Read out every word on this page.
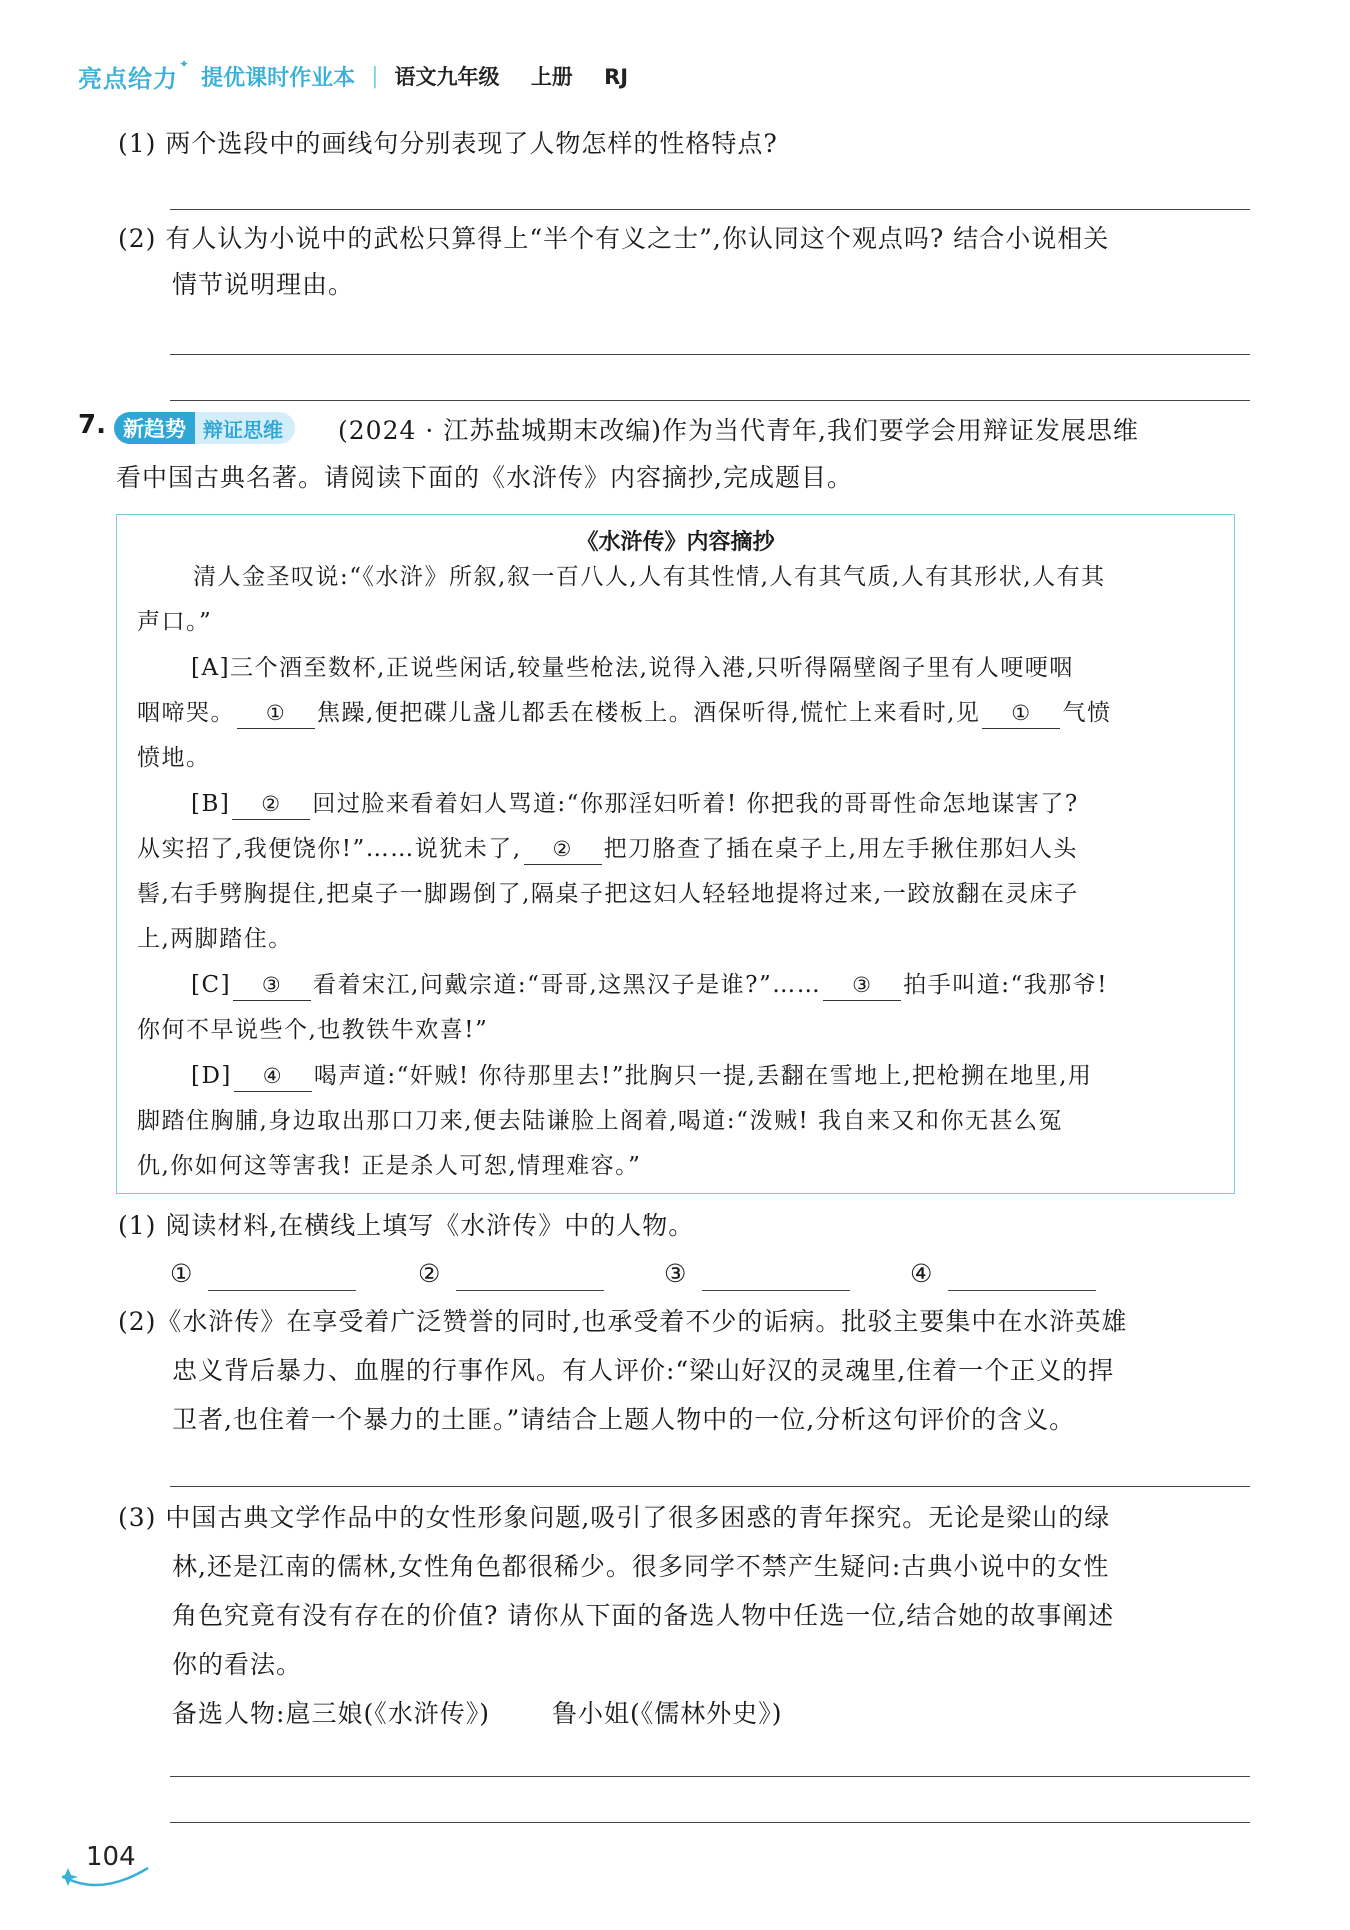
亮点给力
✦
提优课时作业本 | 语文九年级 上册 RJ
(1) 两个选段中的画线句分别表现了人物怎样的性格特点?
(2) 有人认为小说中的武松只算得上“半个有义之士”,你认同这个观点吗? 结合小说相关
情节说明理由。
7. 新趋势 辩证思维	(2024 · 江苏盐城期末改编)作为当代青年,我们要学会用辩证发展思维
看中国古典名著。请阅读下面的《水浒传》内容摘抄,完成题目。
《水浒传》内容摘抄
清人金圣叹说:“《水浒》所叙,叙一百八人,人有其性情,人有其气质,人有其形状,人有其
声口。”
[A]三个酒至数杯,正说些闲话,较量些枪法,说得入港,只听得隔壁阁子里有人哽哽咽
咽啼哭。 ① 焦躁,便把碟儿盏儿都丢在楼板上。酒保听得,慌忙上来看时,见 ① 气愤
愤地。
[B] ② 回过脸来看着妇人骂道:“你那淫妇听着! 你把我的哥哥性命怎地谋害了?
从实招了,我便饶你!”……说犹未了, ② 把刀胳查了插在桌子上,用左手揪住那妇人头
髻,右手劈胸提住,把桌子一脚踢倒了,隔桌子把这妇人轻轻地提将过来,一跤放翻在灵床子
上,两脚踏住。
[C] ③ 看着宋江,问戴宗道:“哥哥,这黑汉子是谁?”…… ③ 拍手叫道:“我那爷!
你何不早说些个,也教铁牛欢喜!”
[D] ④ 喝声道:“奸贼! 你待那里去!”批胸只一提,丢翻在雪地上,把枪搠在地里,用
脚踏住胸脯,身边取出那口刀来,便去陆谦脸上阁着,喝道:“泼贼! 我自来又和你无甚么冤
仇,你如何这等害我! 正是杀人可恕,情理难容。”
(1) 阅读材料,在横线上填写《水浒传》中的人物。
①	②	③	④
(2)《水浒传》在享受着广泛赞誉的同时,也承受着不少的诟病。批驳主要集中在水浒英雄
忠义背后暴力、血腥的行事作风。有人评价:“梁山好汉的灵魂里,住着一个正义的捍
卫者,也住着一个暴力的土匪。”请结合上题人物中的一位,分析这句评价的含义。
(3) 中国古典文学作品中的女性形象问题,吸引了很多困惑的青年探究。无论是梁山的绿
林,还是江南的儒林,女性角色都很稀少。很多同学不禁产生疑问:古典小说中的女性
角色究竟有没有存在的价值? 请你从下面的备选人物中任选一位,结合她的故事阐述
你的看法。
备选人物:扈三娘(《水浒传》) 鲁小姐(《儒林外史》)
104
